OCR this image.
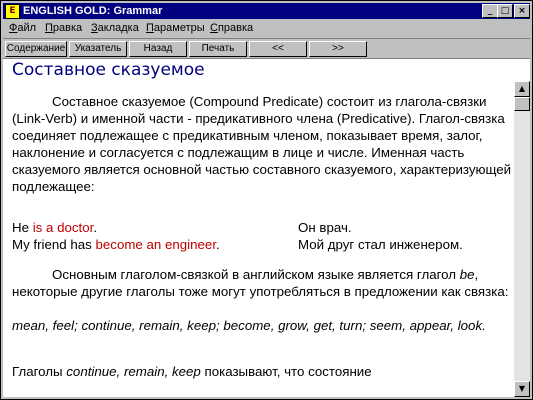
E ENGLISH GOLD: Grammar	_ □ ×
Файл Правка Закладка Параметры Справка
Содержание Указатель	Назад	Печать	<<	>>
Составное сказуемое
Составное сказуемое (Compound Predicate) состоит из глагола-связки (Link-Verb) и именной части - предикативного члена (Predicative). Глагол-связка соединяет подлежащее с предикативным членом, показывает время, залог, наклонение и согласуется с подлежащим в лице и числе. Именная часть сказуемого является основной частью составного сказуемого, характеризующей подлежащее:
He is a doctor.	Он врач.
My friend has become an engineer.	Мой друг стал инженером.
Основным глаголом-связкой в английском языке является глагол be, некоторые другие глаголы тоже могут употребляться в предложении как связка:
mean, feel; continue, remain, keep; become, grow, get, turn; seem, appear, look.
Глаголы continue, remain, keep показывают, что состояние
▲
▼
